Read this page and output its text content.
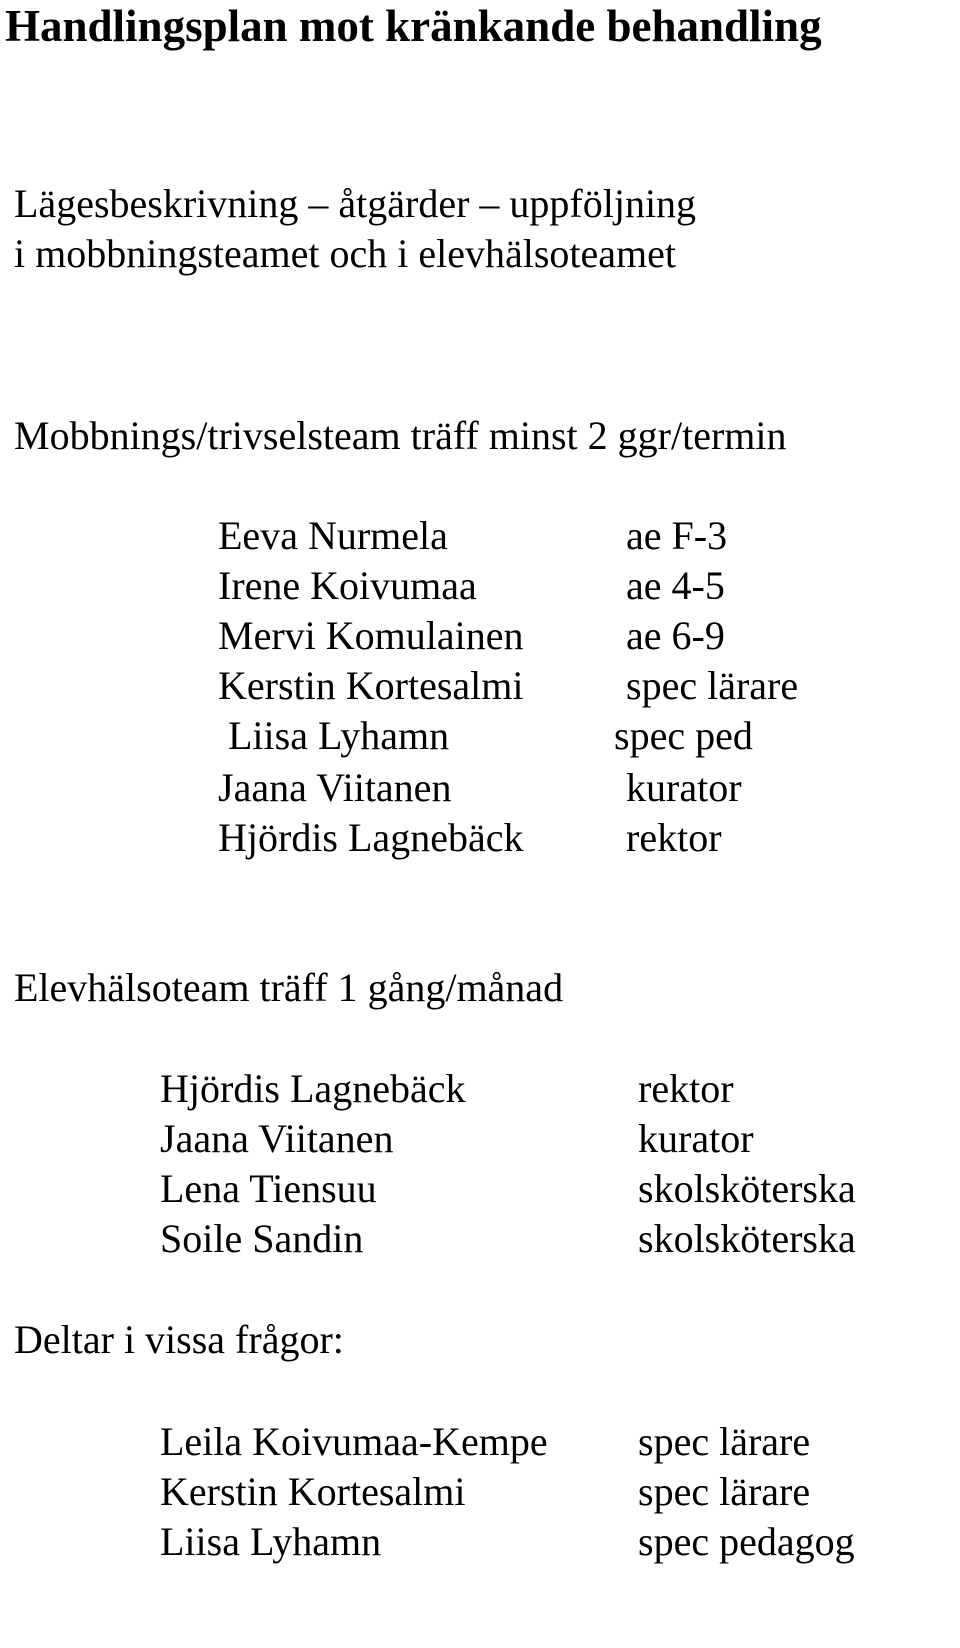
Handlingsplan mot kränkande behandling

Lägesbeskrivning – åtgärder – uppföljning

i mobbningsteamet och i elevhälsoteamet

Mobbnings/trivselsteam träff minst 2 ggr/termin

Eeva Nurmela	ae F-3
Irene Koivumaa	ae 4-5
Mervi Komulainen	ae 6-9
Kerstin Kortesalmi	spec lärare
Liisa Lyhamn	spec ped
Jaana Viitanen	kurator
Hjördis Lagnebäck	rektor

Elevhälsoteam träff 1 gång/månad

Hjördis Lagnebäck	rektor
Jaana Viitanen	kurator
Lena Tiensuu	skolsköterska
Soile Sandin	skolsköterska

Deltar i vissa frågor:

Leila Koivumaa-Kempe spec lärare
Kerstin Kortesalmi	spec lärare
Liisa Lyhamn	spec pedagog
